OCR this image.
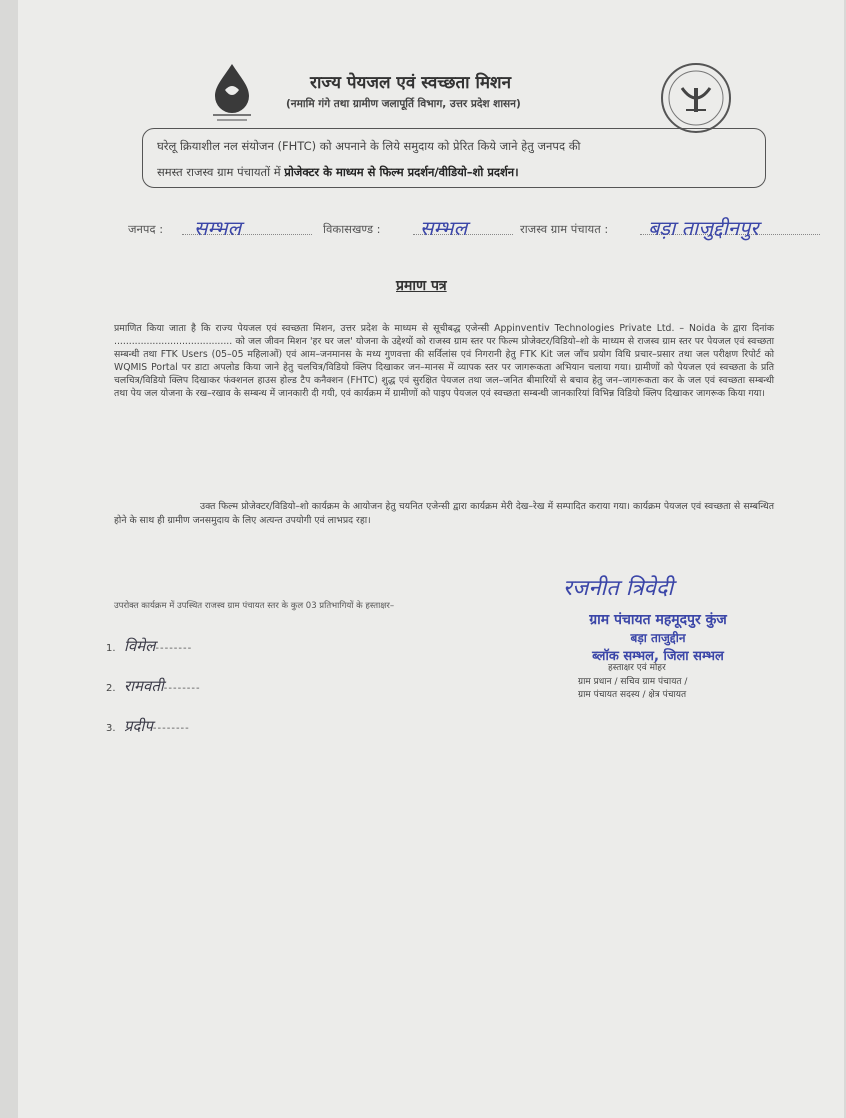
राज्य पेयजल एवं स्वच्छता मिशन
(नमामि गंगे तथा ग्रामीण जलापूर्ति विभाग, उत्तर प्रदेश शासन)
घरेलू क्रियाशील नल संयोजन (FHTC) को अपनाने के लिये समुदाय को प्रेरित किये जाने हेतु जनपद की
समस्त राजस्व ग्राम पंचायतों में प्रोजेक्टर के माध्यम से फिल्म प्रदर्शन/वीडियो–शो प्रदर्शन।
जनपद : सम्भल	विकासखण्ड : सम्भल	राजस्व ग्राम पंचायत : बड़ा ताजुद्दीनपुर
प्रमाण पत्र
प्रमाणित किया जाता है कि राज्य पेयजल एवं स्वच्छता मिशन, उत्तर प्रदेश के माध्यम से सूचीबद्ध एजेन्सी Appinventiv Technologies Private Ltd. – Noida के द्वारा दिनांक ........................................ को जल जीवन मिशन 'हर घर जल' योजना के उद्देश्यों को राजस्व ग्राम स्तर पर फिल्म प्रोजेक्टर/विडियो–शो के माध्यम से राजस्व ग्राम स्तर पर पेयजल एवं स्वच्छता सम्बन्धी तथा FTK Users (05–05 महिलाओं) एवं आम–जनमानस के मध्य गुणवत्ता की सर्विलांस एवं निगरानी हेतु FTK Kit जल जाँच प्रयोग विधि प्रचार–प्रसार तथा जल परीक्षण रिपोर्ट को WQMIS Portal पर डाटा अपलोड किया जाने हेतु चलचित्र/विडियो क्लिप दिखाकर जन–मानस में व्यापक स्तर पर जागरूकता अभियान चलाया गया। ग्रामीणों को पेयजल एवं स्वच्छता के प्रति चलचित्र/विडियो क्लिप दिखाकर फंक्शनल हाउस होल्ड टैप कनैक्शन (FHTC) शुद्ध एवं सुरक्षित पेयजल तथा जल–जनित बीमारियों से बचाव हेतु जन–जागरूकता कर के जल एवं स्वच्छता सम्बन्धी तथा पेय जल योजना के रख–रखाव के सम्बन्ध में जानकारी दी गयी, एवं कार्यक्रम में ग्रामीणों को पाइप पेयजल एवं स्वच्छता सम्बन्धी जानकारियां विभिन्न विडियो क्लिप दिखाकर जागरूक किया गया।
उक्त फिल्म प्रोजेक्टर/विडियो–शो कार्यक्रम के आयोजन हेतु चयनित एजेन्सी द्वारा कार्यक्रम मेरी देख–रेख में सम्पादित कराया गया। कार्यक्रम पेयजल एवं स्वच्छता से सम्बन्धित होने के साथ ही ग्रामीण जनसमुदाय के लिए अत्यन्त उपयोगी एवं लाभप्रद रहा।
उपरोक्त कार्यक्रम में उपस्थित राजस्व ग्राम पंचायत स्तर के कुल 03 प्रतिभागियों के हस्ताक्षर–
1. विमेल--------
2. रामवती--------
3. प्रदीप--------
रजनीत त्रिवेदी
ग्राम पंचायत महमूदपुर कुंज
बड़ा ताजुद्दीन
ब्लॉक सम्भल, जिला सम्भल
हस्ताक्षर एवं मोहर
ग्राम प्रधान / सचिव ग्राम पंचायत /
ग्राम पंचायत सदस्य / क्षेत्र पंचायत
